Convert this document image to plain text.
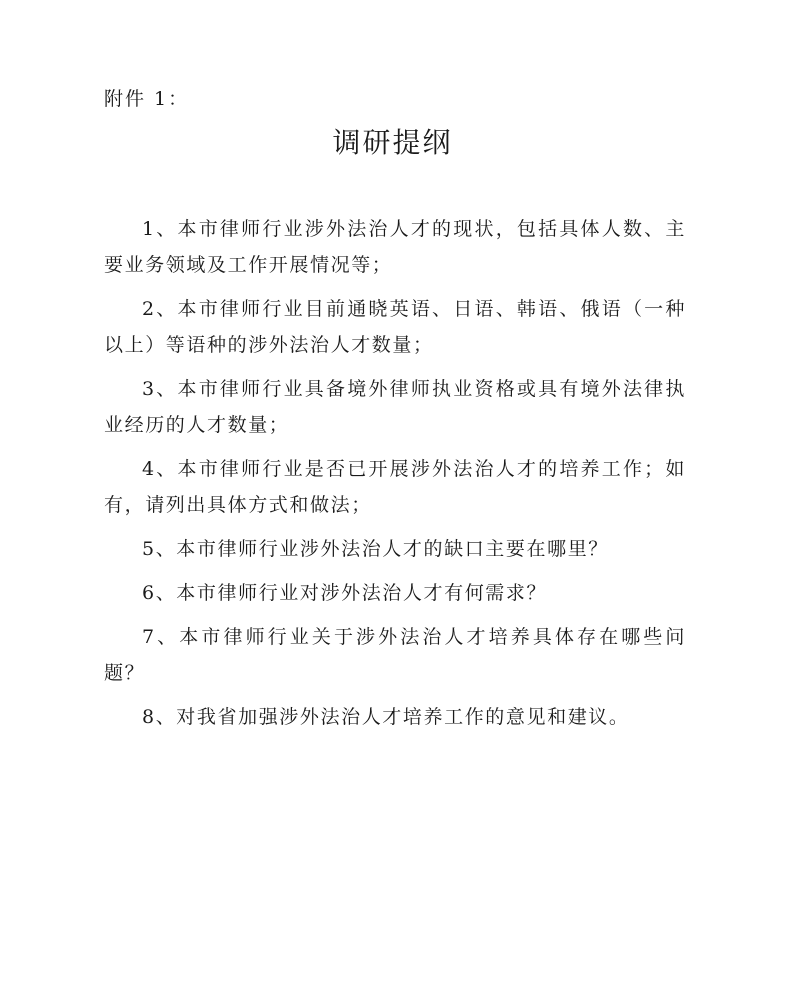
附件 1：
调研提纲

1、本市律师行业涉外法治人才的现状，包括具体人数、主要业务领域及工作开展情况等；

2、本市律师行业目前通晓英语、日语、韩语、俄语（一种以上）等语种的涉外法治人才数量；

3、本市律师行业具备境外律师执业资格或具有境外法律执业经历的人才数量；

4、本市律师行业是否已开展涉外法治人才的培养工作；如有，请列出具体方式和做法；

5、本市律师行业涉外法治人才的缺口主要在哪里？

6、本市律师行业对涉外法治人才有何需求？

7、本市律师行业关于涉外法治人才培养具体存在哪些问题？

8、对我省加强涉外法治人才培养工作的意见和建议。
